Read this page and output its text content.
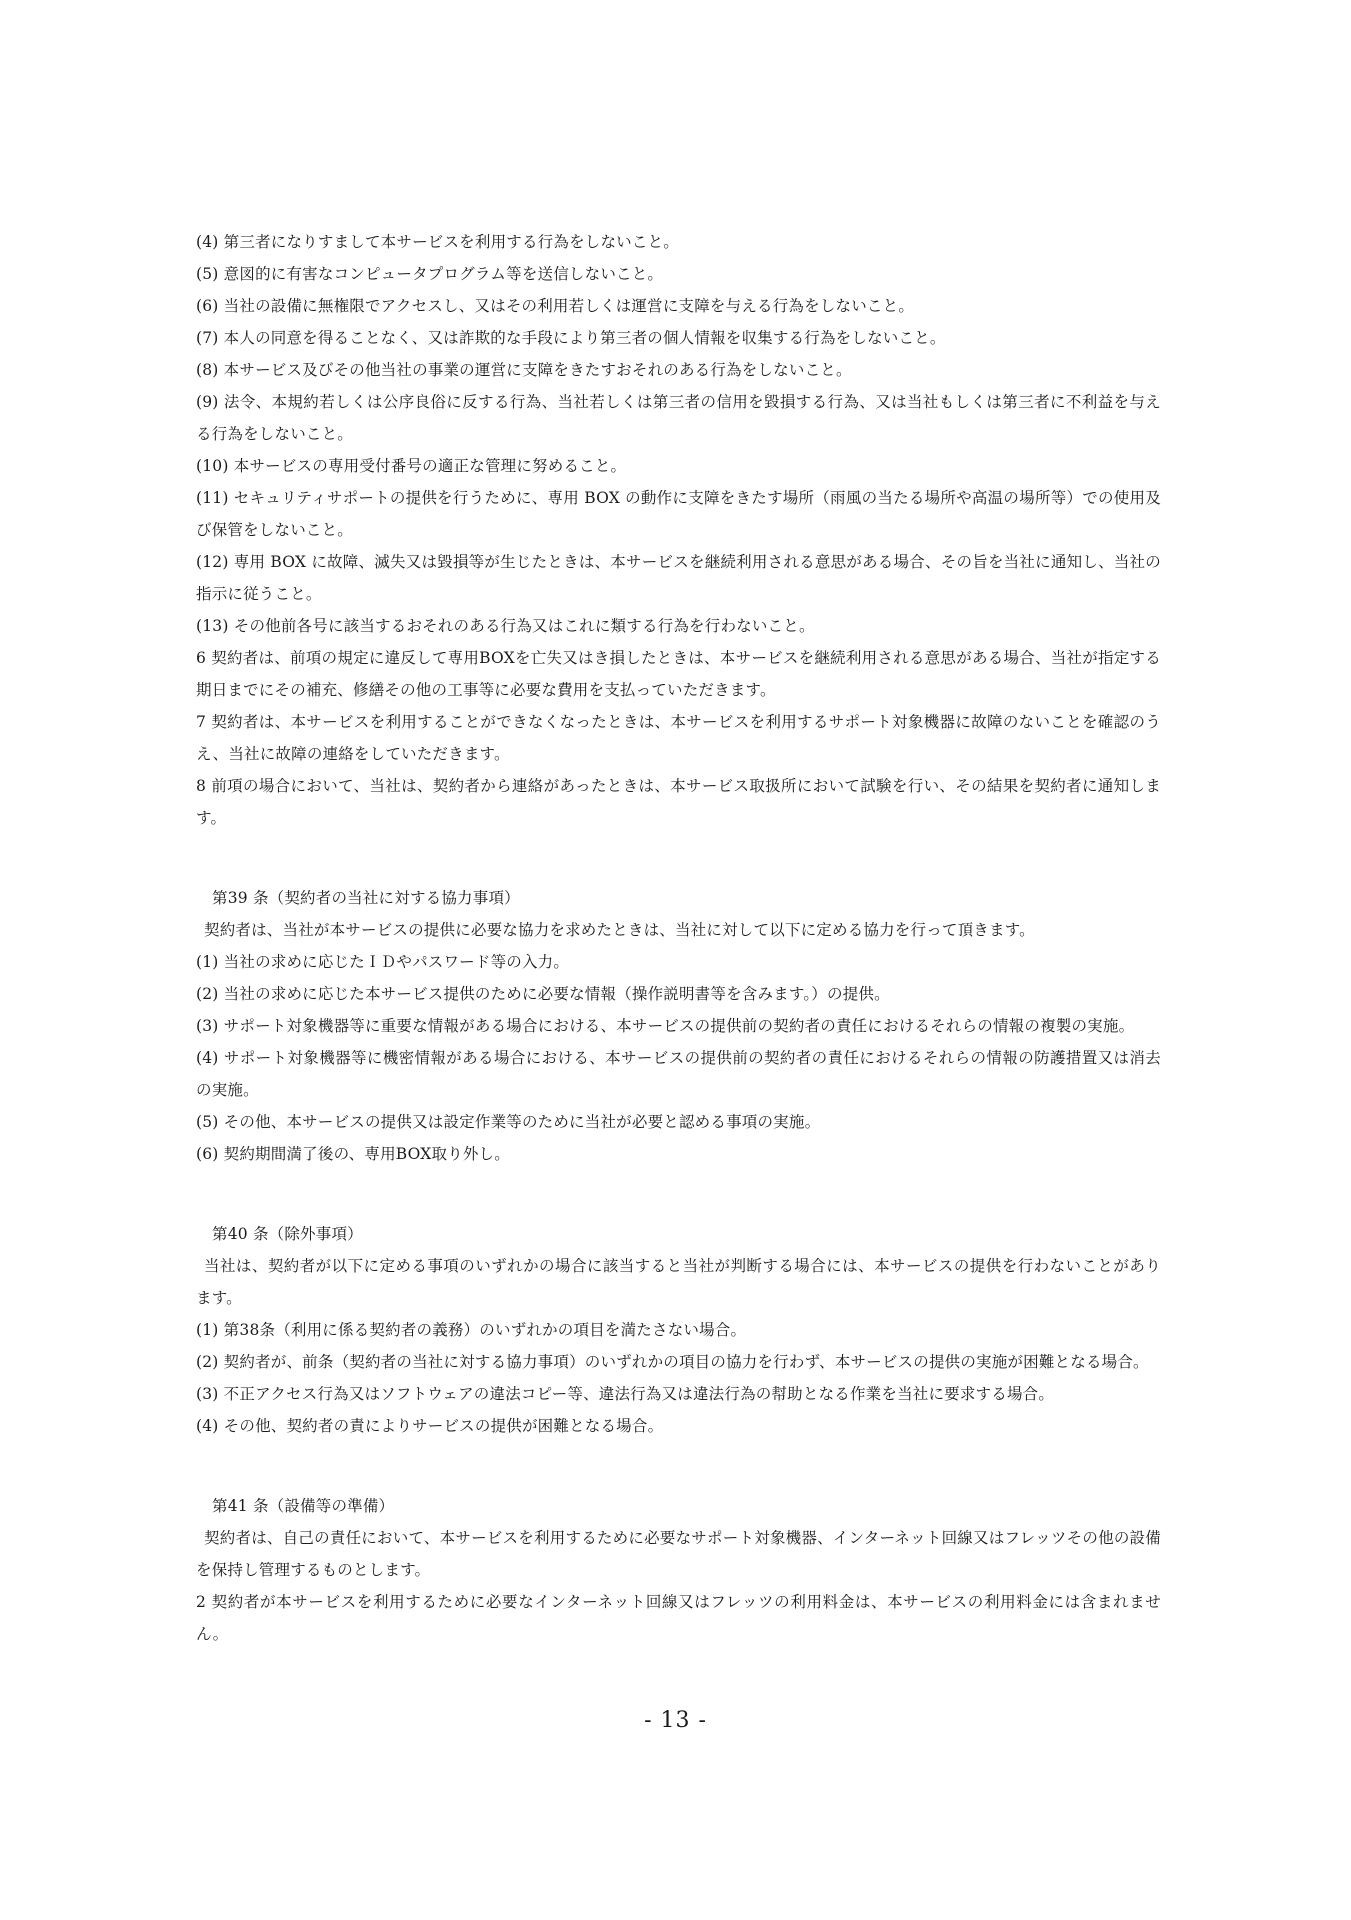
(4) 第三者になりすまして本サービスを利用する行為をしないこと。

(5) 意図的に有害なコンピュータプログラム等を送信しないこと。

(6) 当社の設備に無権限でアクセスし、又はその利用若しくは運営に支障を与える行為をしないこと。

(7) 本人の同意を得ることなく、又は詐欺的な手段により第三者の個人情報を収集する行為をしないこと。

(8) 本サービス及びその他当社の事業の運営に支障をきたすおそれのある行為をしないこと。

(9) 法令、本規約若しくは公序良俗に反する行為、当社若しくは第三者の信用を毀損する行為、又は当社もしくは第三者に不利益を与える行為をしないこと。

(10) 本サービスの専用受付番号の適正な管理に努めること。

(11) セキュリティサポートの提供を行うために、専用 BOX の動作に支障をきたす場所（雨風の当たる場所や高温の場所等）での使用及び保管をしないこと。

(12) 専用 BOX に故障、滅失又は毀損等が生じたときは、本サービスを継続利用される意思がある場合、その旨を当社に通知し、当社の指示に従うこと。

(13) その他前各号に該当するおそれのある行為又はこれに類する行為を行わないこと。

6 契約者は、前項の規定に違反して専用BOXを亡失又はき損したときは、本サービスを継続利用される意思がある場合、当社が指定する期日までにその補充、修繕その他の工事等に必要な費用を支払っていただきます。

7 契約者は、本サービスを利用することができなくなったときは、本サービスを利用するサポート対象機器に故障のないことを確認のうえ、当社に故障の連絡をしていただきます。

8 前項の場合において、当社は、契約者から連絡があったときは、本サービス取扱所において試験を行い、その結果を契約者に通知します。

第39 条（契約者の当社に対する協力事項）

契約者は、当社が本サービスの提供に必要な協力を求めたときは、当社に対して以下に定める協力を行って頂きます。

(1) 当社の求めに応じたＩＤやパスワード等の入力。

(2) 当社の求めに応じた本サービス提供のために必要な情報（操作説明書等を含みます。）の提供。

(3) サポート対象機器等に重要な情報がある場合における、本サービスの提供前の契約者の責任におけるそれらの情報の複製の実施。

(4) サポート対象機器等に機密情報がある場合における、本サービスの提供前の契約者の責任におけるそれらの情報の防護措置又は消去の実施。

(5) その他、本サービスの提供又は設定作業等のために当社が必要と認める事項の実施。

(6) 契約期間満了後の、専用BOX取り外し。

第40 条（除外事項）

当社は、契約者が以下に定める事項のいずれかの場合に該当すると当社が判断する場合には、本サービスの提供を行わないことがあります。

(1) 第38条（利用に係る契約者の義務）のいずれかの項目を満たさない場合。

(2) 契約者が、前条（契約者の当社に対する協力事項）のいずれかの項目の協力を行わず、本サービスの提供の実施が困難となる場合。

(3) 不正アクセス行為又はソフトウェアの違法コピー等、違法行為又は違法行為の幇助となる作業を当社に要求する場合。

(4) その他、契約者の責によりサービスの提供が困難となる場合。

第41 条（設備等の準備）

契約者は、自己の責任において、本サービスを利用するために必要なサポート対象機器、インターネット回線又はフレッツその他の設備を保持し管理するものとします。

2 契約者が本サービスを利用するために必要なインターネット回線又はフレッツの利用料金は、本サービスの利用料金には含まれません。

- 13 -
